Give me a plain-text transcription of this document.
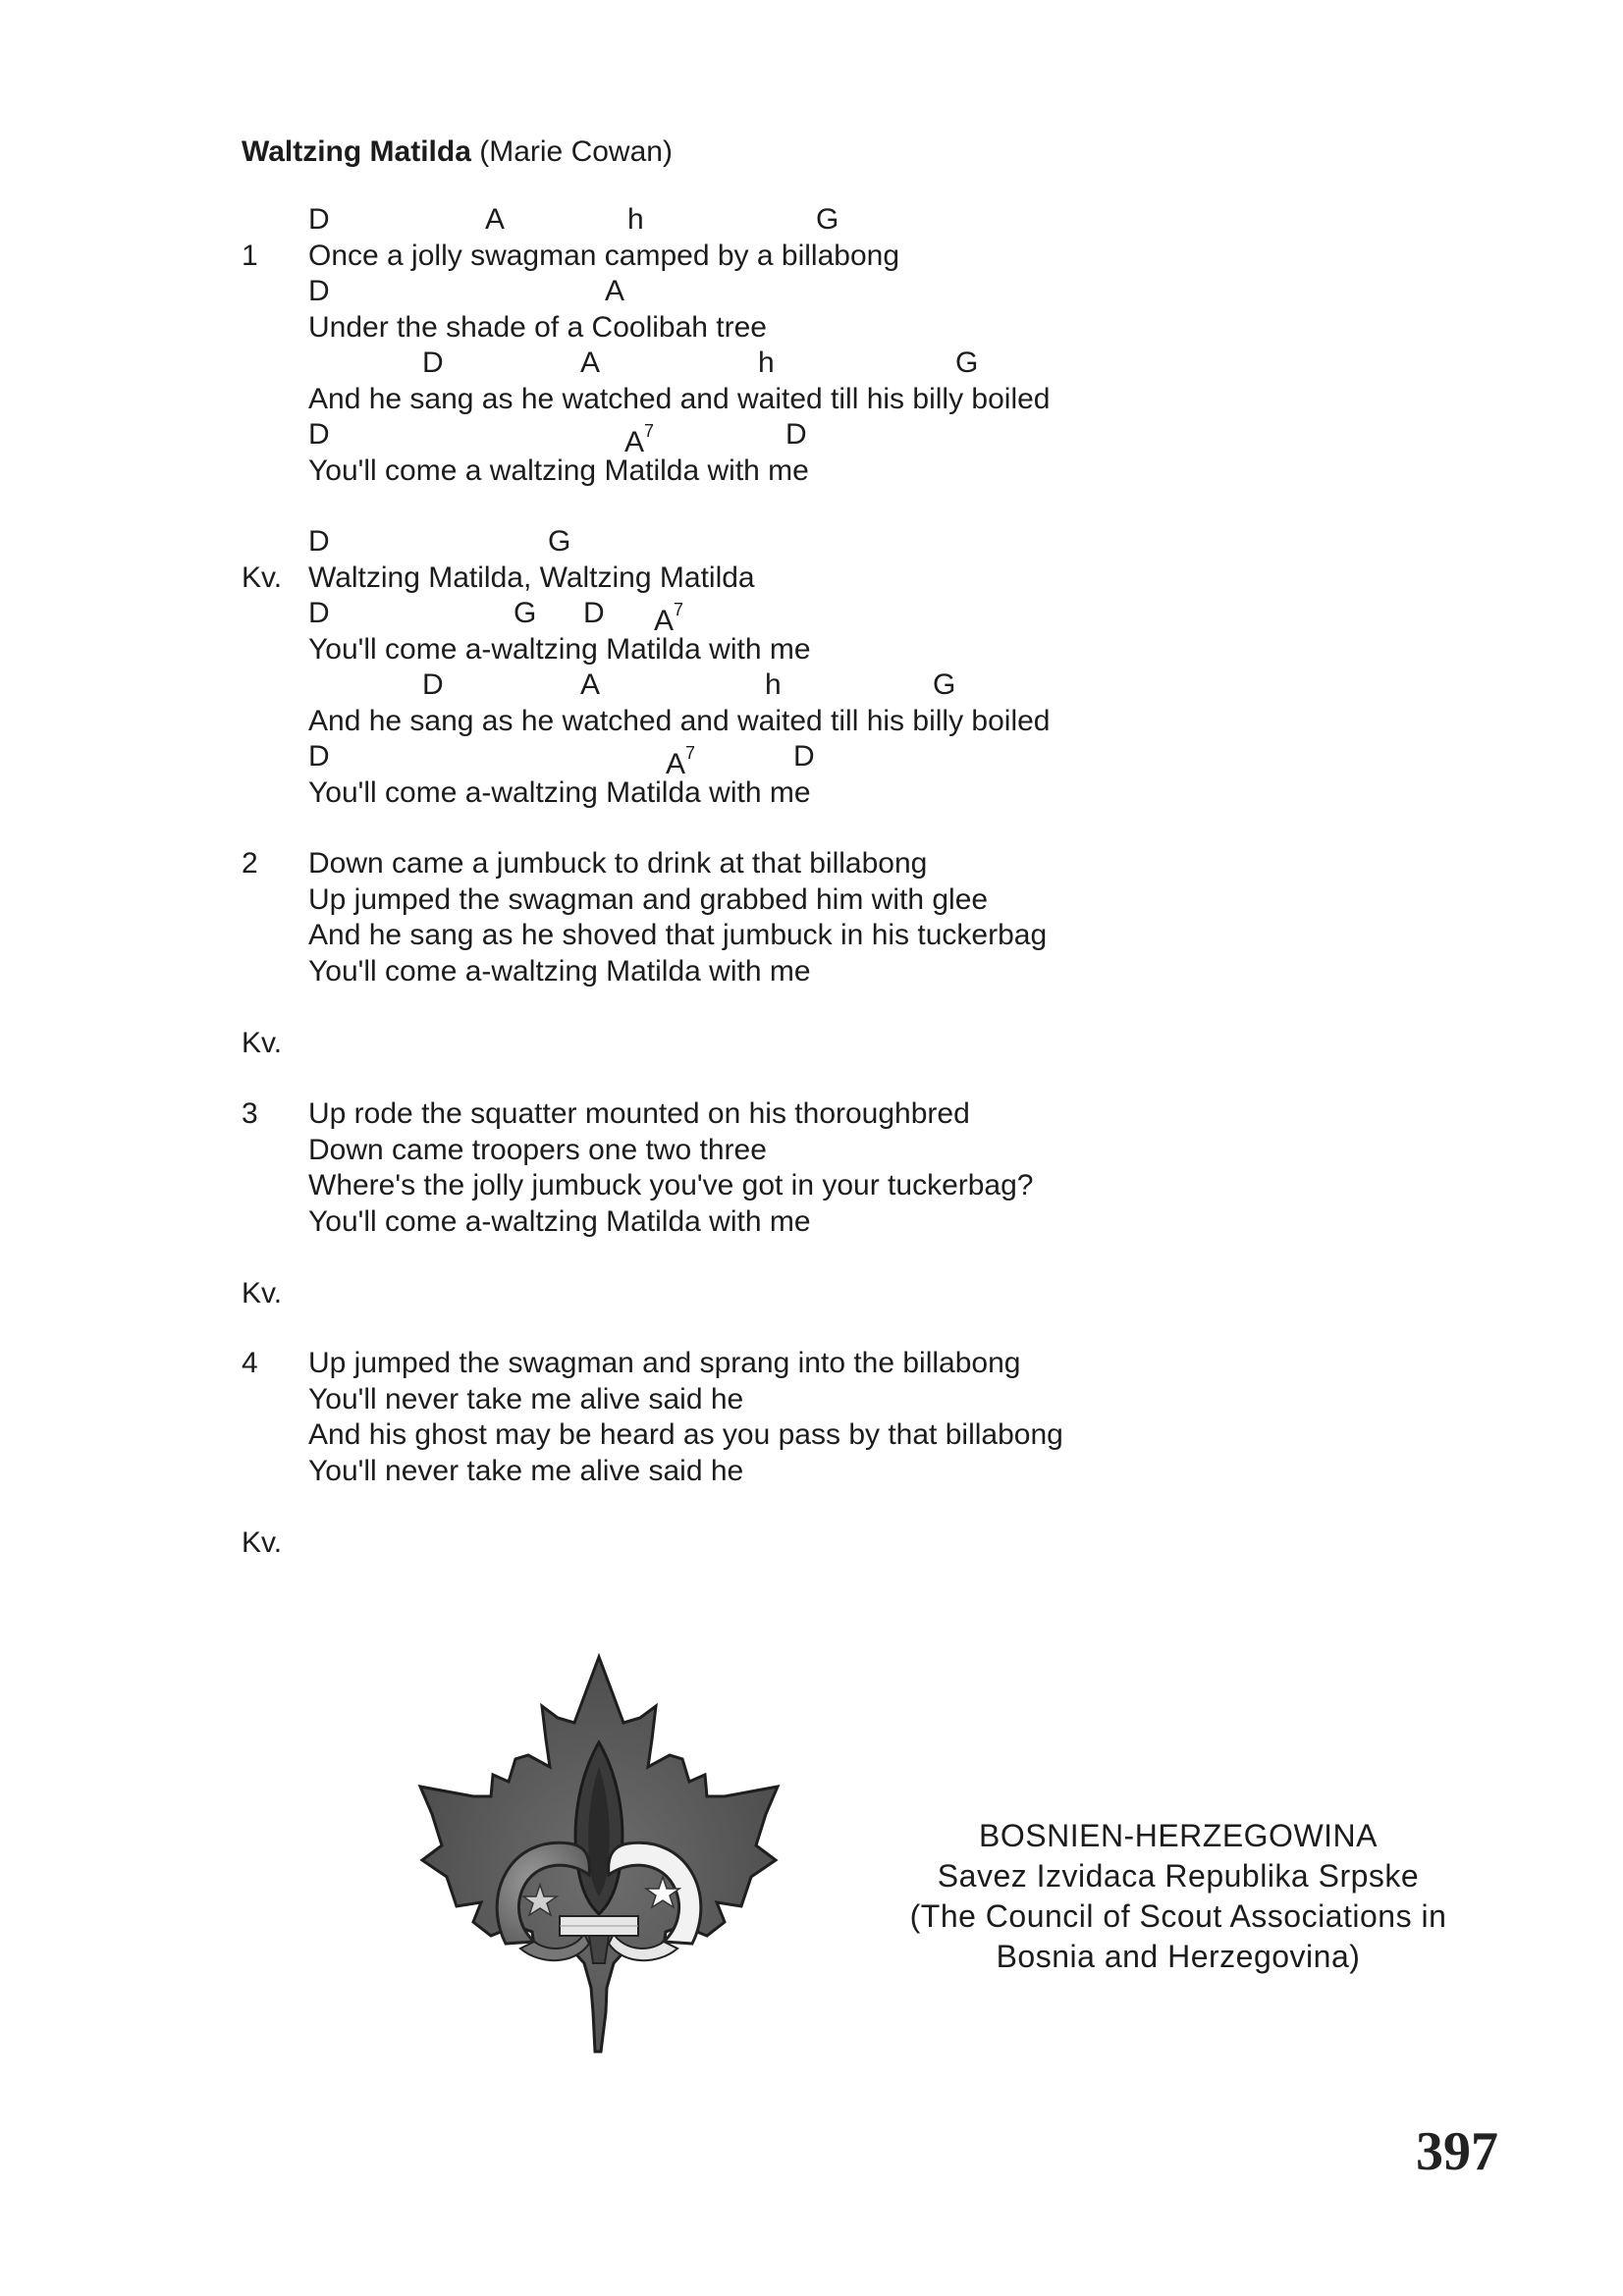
Waltzing Matilda (Marie Cowan)
D	A	h	G
1 Once a jolly swagman camped by a billabong
D	A
Under the shade of a Coolibah tree
D	A	h	G
And he sang as he watched and waited till his billy boiled
D	$A^7$	D
You'll come a waltzing Matilda with me
D	G
Kv. Waltzing Matilda, Waltzing Matilda
D	G D $A^7$
You'll come a-waltzing Matilda with me
D	A	h	G
And he sang as he watched and waited till his billy boiled
D	$A^7$	D
You'll come a-waltzing Matilda with me
2 Down came a jumbuck to drink at that billabong
Up jumped the swagman and grabbed him with glee
And he sang as he shoved that jumbuck in his tuckerbag
You'll come a-waltzing Matilda with me
Kv.
3 Up rode the squatter mounted on his thoroughbred
Down came troopers one two three
Where's the jolly jumbuck you've got in your tuckerbag?
You'll come a-waltzing Matilda with me
Kv.
4 Up jumped the swagman and sprang into the billabong
You'll never take me alive said he
And his ghost may be heard as you pass by that billabong
You'll never take me alive said he
Kv.
BOSNIEN-HERZEGOWINA
Savez Izvidaca Republika Srpske
(The Council of Scout Associations in
Bosnia and Herzegovina)
397
